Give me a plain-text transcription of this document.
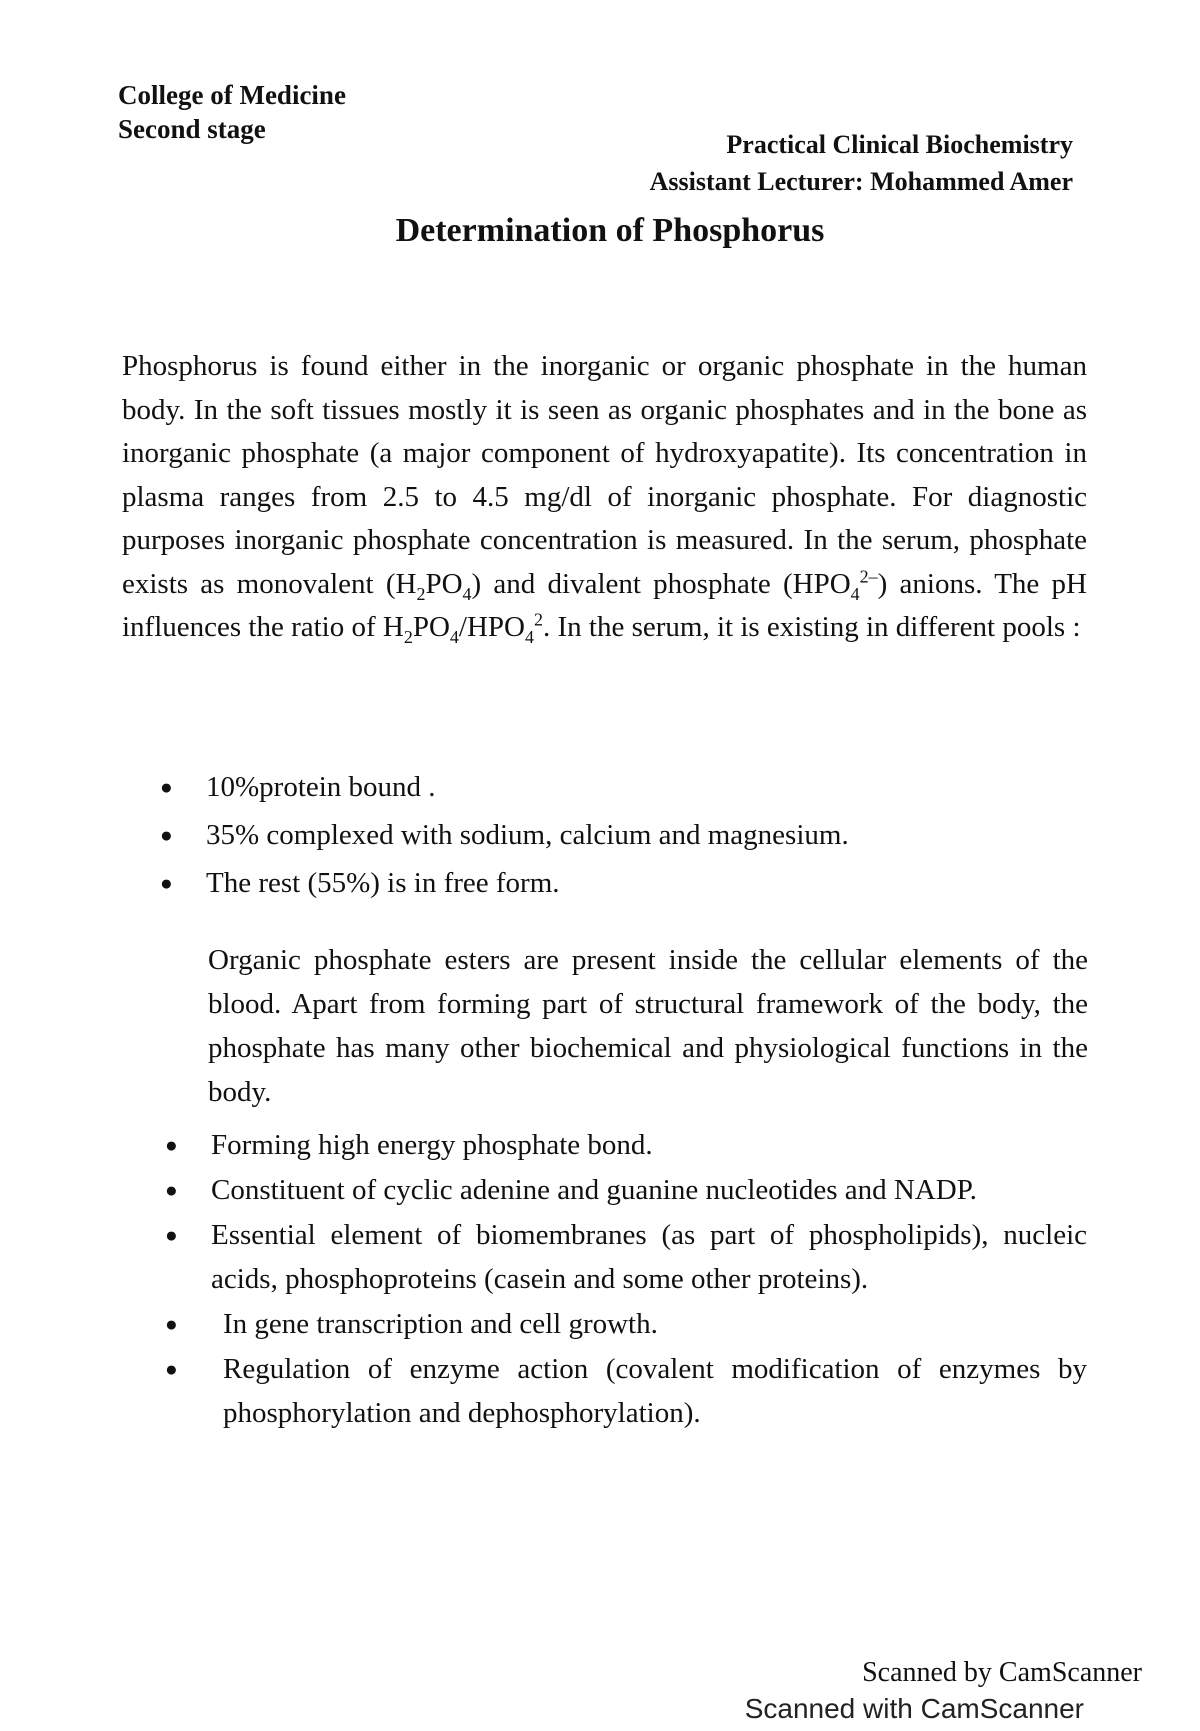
College of Medicine
Second stage
Practical Clinical Biochemistry
Assistant Lecturer: Mohammed Amer
Determination of Phosphorus
Phosphorus is found either in the inorganic or organic phosphate in the human body. In the soft tissues mostly it is seen as organic phosphates and in the bone as inorganic phosphate (a major component of hydroxyapatite). Its concentration in plasma ranges from 2.5 to 4.5 mg/dl of inorganic phosphate. For diagnostic purposes inorganic phosphate concentration is measured. In the serum, phosphate exists as monovalent $(H_2PO_4)$ and divalent phosphate $(HPO_4^{2-})$ anions. The pH influences the ratio of $H_2PO_4/HPO_4^2$. In the serum, it is existing in different pools :
● 10%protein bound .
● 35% complexed with sodium, calcium and magnesium.
● The rest (55%) is in free form.
Organic phosphate esters are present inside the cellular elements of the blood. Apart from forming part of structural framework of the body, the phosphate has many other biochemical and physiological functions in the body.
● Forming high energy phosphate bond.
● Constituent of cyclic adenine and guanine nucleotides and NADP.
● Essential element of biomembranes (as part of phospholipids), nucleic acids, phosphoproteins (casein and some other proteins).
● In gene transcription and cell growth.
● Regulation of enzyme action (covalent modification of enzymes by phosphorylation and dephosphorylation).
Scanned by CamScanner
Scanned with CamScanner
